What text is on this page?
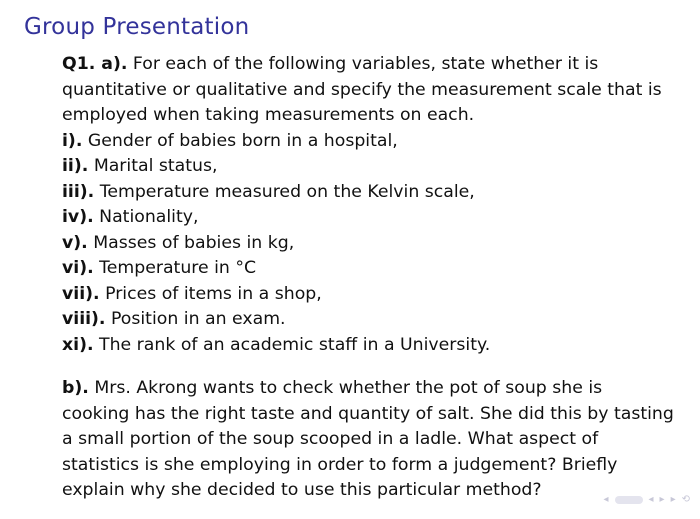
Group Presentation

Q1. a). For each of the following variables, state whether it is quantitative or qualitative and specify the measurement scale that is employed when taking measurements on each.

i). Gender of babies born in a hospital,
ii). Marital status,
iii). Temperature measured on the Kelvin scale,
iv). Nationality,
v). Masses of babies in kg,
vi). Temperature in °C
vii). Prices of items in a shop,
viii). Position in an exam.
xi). The rank of an academic staff in a University.

b). Mrs. Akrong wants to check whether the pot of soup she is cooking has the right taste and quantity of salt. She did this by tasting a small portion of the soup scooped in a ladle. What aspect of statistics is she employing in order to form a judgement? Briefly explain why she decided to use this particular method?	◂	◂ ▸ ▸ ⟲
